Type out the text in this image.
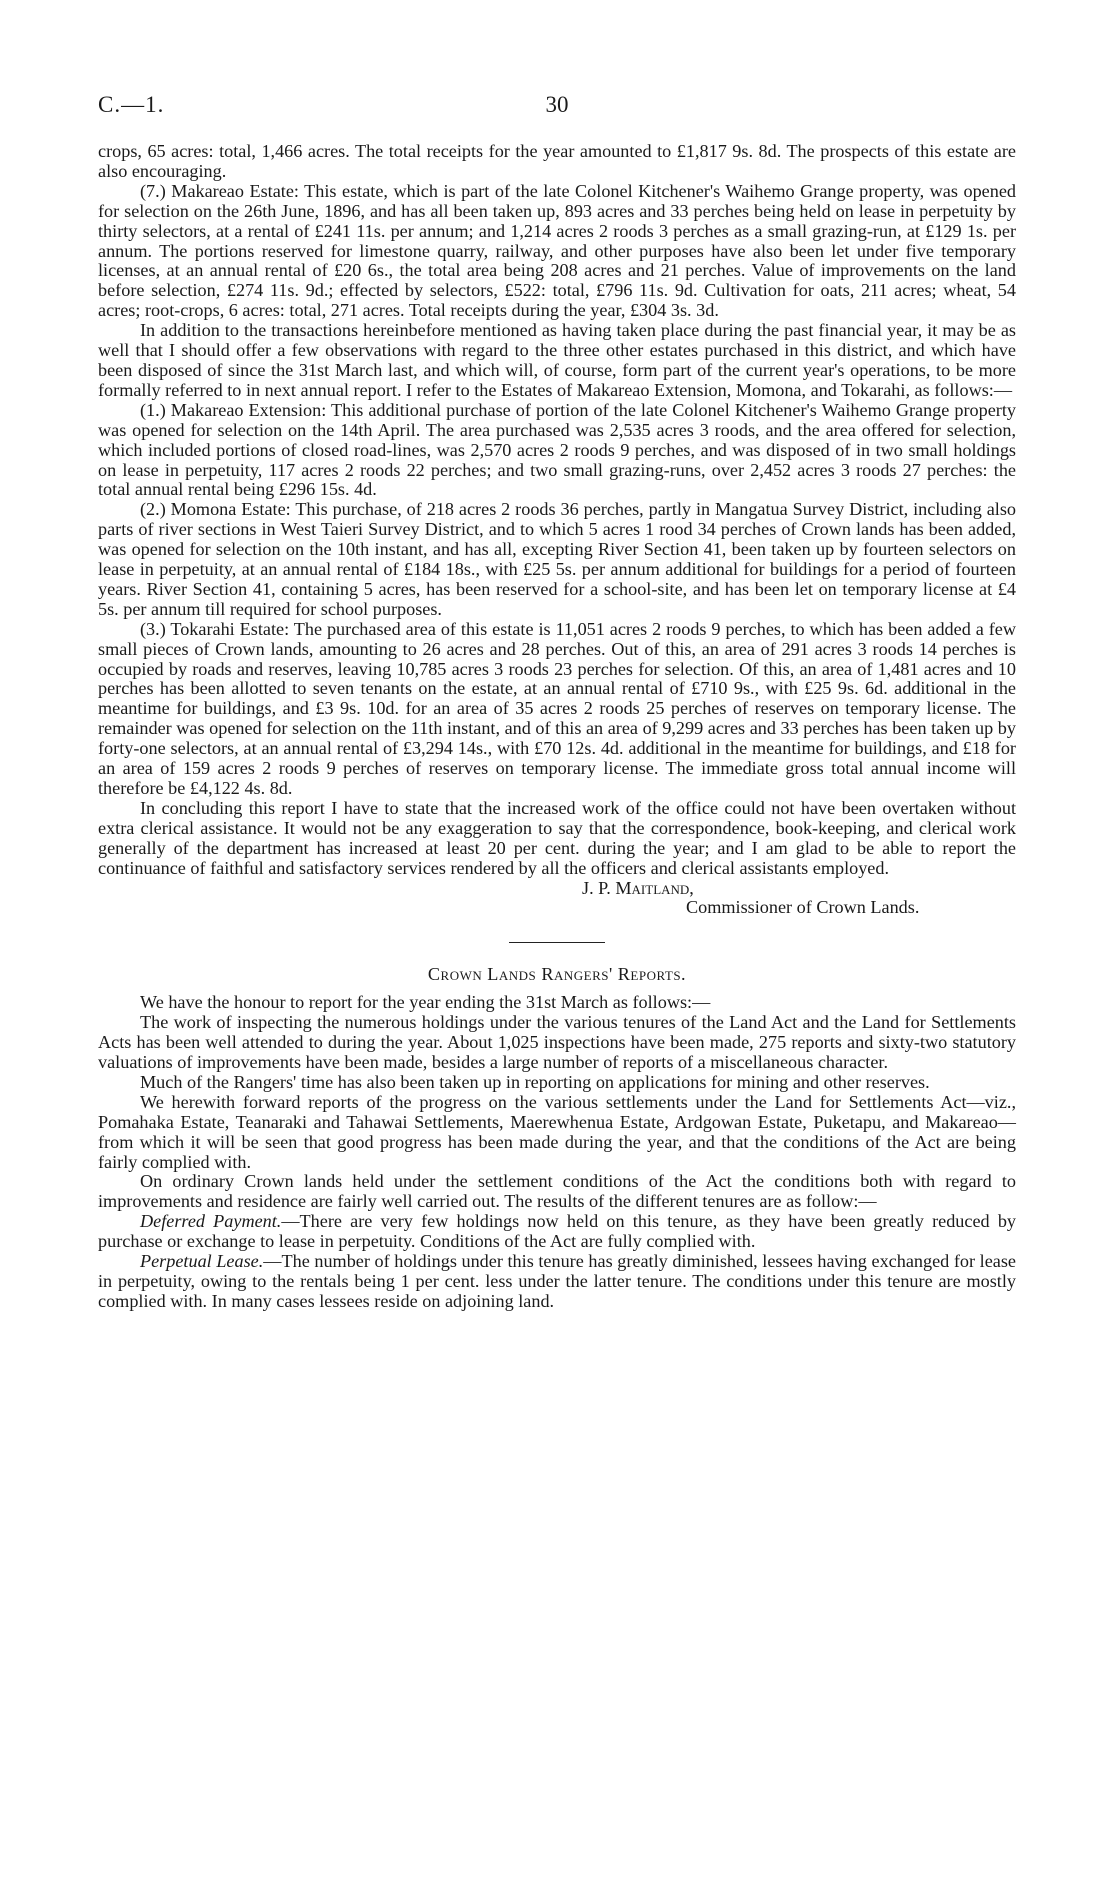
30
C.—1.

crops, 65 acres: total, 1,466 acres. The total receipts for the year amounted to £1,817 9s. 8d. The prospects of this estate are also encouraging.

(7.) Makareao Estate: This estate, which is part of the late Colonel Kitchener's Waihemo Grange property, was opened for selection on the 26th June, 1896, and has all been taken up, 893 acres and 33 perches being held on lease in perpetuity by thirty selectors, at a rental of £241 11s. per annum; and 1,214 acres 2 roods 3 perches as a small grazing-run, at £129 1s. per annum. The portions reserved for limestone quarry, railway, and other purposes have also been let under five temporary licenses, at an annual rental of £20 6s., the total area being 208 acres and 21 perches. Value of improvements on the land before selection, £274 11s. 9d.; effected by selectors, £522: total, £796 11s. 9d. Cultivation for oats, 211 acres; wheat, 54 acres; root-crops, 6 acres: total, 271 acres. Total receipts during the year, £304 3s. 3d.

In addition to the transactions hereinbefore mentioned as having taken place during the past financial year, it may be as well that I should offer a few observations with regard to the three other estates purchased in this district, and which have been disposed of since the 31st March last, and which will, of course, form part of the current year's operations, to be more formally referred to in next annual report. I refer to the Estates of Makareao Extension, Momona, and Tokarahi, as follows:—

(1.) Makareao Extension: This additional purchase of portion of the late Colonel Kitchener's Waihemo Grange property was opened for selection on the 14th April. The area purchased was 2,535 acres 3 roods, and the area offered for selection, which included portions of closed road-lines, was 2,570 acres 2 roods 9 perches, and was disposed of in two small holdings on lease in perpetuity, 117 acres 2 roods 22 perches; and two small grazing-runs, over 2,452 acres 3 roods 27 perches: the total annual rental being £296 15s. 4d.

(2.) Momona Estate: This purchase, of 218 acres 2 roods 36 perches, partly in Mangatua Survey District, including also parts of river sections in West Taieri Survey District, and to which 5 acres 1 rood 34 perches of Crown lands has been added, was opened for selection on the 10th instant, and has all, excepting River Section 41, been taken up by fourteen selectors on lease in perpetuity, at an annual rental of £184 18s., with £25 5s. per annum additional for buildings for a period of fourteen years. River Section 41, containing 5 acres, has been reserved for a school-site, and has been let on temporary license at £4 5s. per annum till required for school purposes.

(3.) Tokarahi Estate: The purchased area of this estate is 11,051 acres 2 roods 9 perches, to which has been added a few small pieces of Crown lands, amounting to 26 acres and 28 perches. Out of this, an area of 291 acres 3 roods 14 perches is occupied by roads and reserves, leaving 10,785 acres 3 roods 23 perches for selection. Of this, an area of 1,481 acres and 10 perches has been allotted to seven tenants on the estate, at an annual rental of £710 9s., with £25 9s. 6d. additional in the meantime for buildings, and £3 9s. 10d. for an area of 35 acres 2 roods 25 perches of reserves on temporary license. The remainder was opened for selection on the 11th instant, and of this an area of 9,299 acres and 33 perches has been taken up by forty-one selectors, at an annual rental of £3,294 14s., with £70 12s. 4d. additional in the meantime for buildings, and £18 for an area of 159 acres 2 roods 9 perches of reserves on temporary license. The immediate gross total annual income will therefore be £4,122 4s. 8d.

In concluding this report I have to state that the increased work of the office could not have been overtaken without extra clerical assistance. It would not be any exaggeration to say that the correspondence, book-keeping, and clerical work generally of the department has increased at least 20 per cent. during the year; and I am glad to be able to report the continuance of faithful and satisfactory services rendered by all the officers and clerical assistants employed.

J. P. Maitland,

Commissioner of Crown Lands.

Crown Lands Rangers' Reports.

We have the honour to report for the year ending the 31st March as follows:—

The work of inspecting the numerous holdings under the various tenures of the Land Act and the Land for Settlements Acts has been well attended to during the year. About 1,025 inspections have been made, 275 reports and sixty-two statutory valuations of improvements have been made, besides a large number of reports of a miscellaneous character.

Much of the Rangers' time has also been taken up in reporting on applications for mining and other reserves.

We herewith forward reports of the progress on the various settlements under the Land for Settlements Act—viz., Pomahaka Estate, Teanaraki and Tahawai Settlements, Maerewhenua Estate, Ardgowan Estate, Puketapu, and Makareao—from which it will be seen that good progress has been made during the year, and that the conditions of the Act are being fairly complied with.

On ordinary Crown lands held under the settlement conditions of the Act the conditions both with regard to improvements and residence are fairly well carried out. The results of the different tenures are as follow:—

Deferred Payment.—There are very few holdings now held on this tenure, as they have been greatly reduced by purchase or exchange to lease in perpetuity. Conditions of the Act are fully complied with.

Perpetual Lease.—The number of holdings under this tenure has greatly diminished, lessees having exchanged for lease in perpetuity, owing to the rentals being 1 per cent. less under the latter tenure. The conditions under this tenure are mostly complied with. In many cases lessees reside on adjoining land.
